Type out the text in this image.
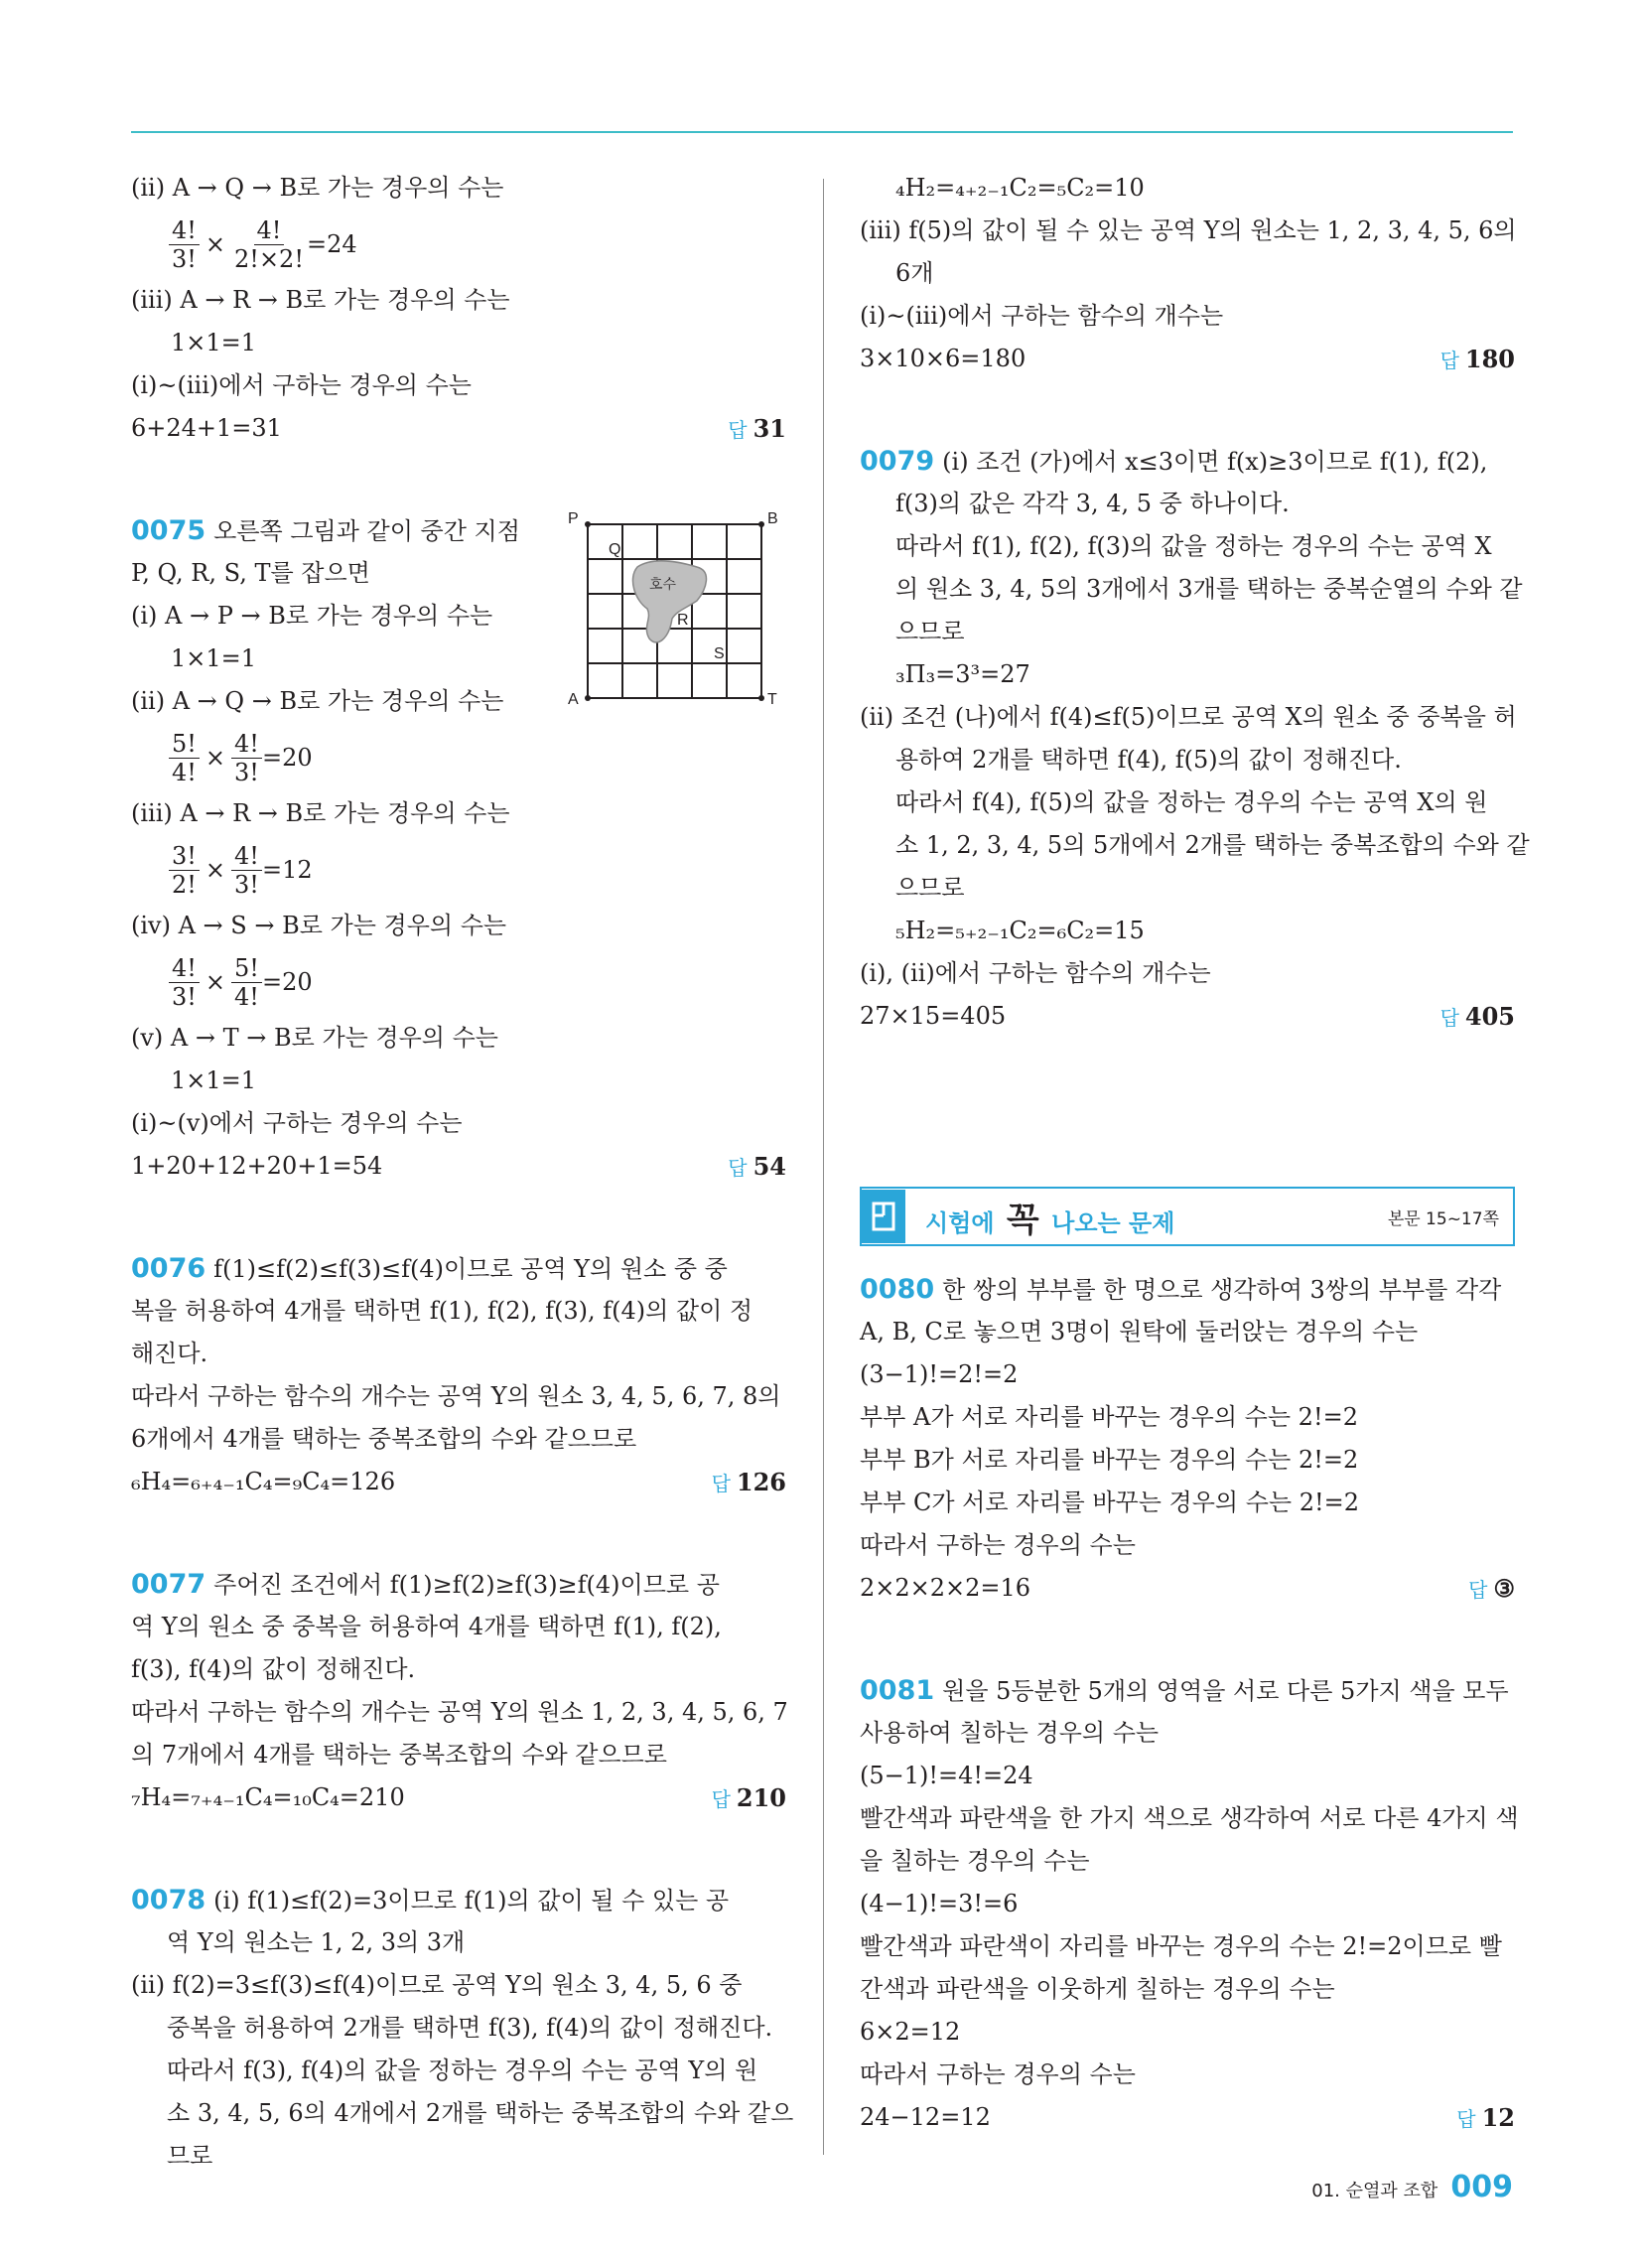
(ii) A → Q → B로 가는 경우의 수는
$\frac{4!}{3!} \times \frac{4!}{2!\times 2!} =24$
(iii) A → R → B로 가는 경우의 수는
1×1=1
(i)~(iii)에서 구하는 경우의 수는
6+24+1=31	답 31
P	B
Q
호수
R
S
A	T
0075 오른쪽 그림과 같이 중간 지점
P, Q, R, S, T를 잡으면
(i) A → P → B로 가는 경우의 수는
1×1=1
(ii) A → Q → B로 가는 경우의 수는
$\frac{5!}{4!} \times \frac{4!}{3!} =20$
(iii) A → R → B로 가는 경우의 수는
$\frac{3!}{2!} \times \frac{4!}{3!} =12$
(iv) A → S → B로 가는 경우의 수는
$\frac{4!}{3!} \times \frac{5!}{4!} =20$
(v) A → T → B로 가는 경우의 수는
1×1=1
(i)~(v)에서 구하는 경우의 수는
1+20+12+20+1=54	답 54
0076 f(1)≤f(2)≤f(3)≤f(4)이므로 공역 Y의 원소 중 중
복을 허용하여 4개를 택하면 f(1), f(2), f(3), f(4)의 값이 정
해진다.
따라서 구하는 함수의 개수는 공역 Y의 원소 3, 4, 5, 6, 7, 8의
6개에서 4개를 택하는 중복조합의 수와 같으므로
₆H₄=₆₊₄₋₁C₄=₉C₄=126	답 126
0077 주어진 조건에서 f(1)≥f(2)≥f(3)≥f(4)이므로 공
역 Y의 원소 중 중복을 허용하여 4개를 택하면 f(1), f(2),
f(3), f(4)의 값이 정해진다.
따라서 구하는 함수의 개수는 공역 Y의 원소 1, 2, 3, 4, 5, 6, 7
의 7개에서 4개를 택하는 중복조합의 수와 같으므로
₇H₄=₇₊₄₋₁C₄=₁₀C₄=210	답 210
0078 (i) f(1)≤f(2)=3이므로 f(1)의 값이 될 수 있는 공
역 Y의 원소는 1, 2, 3의 3개
(ii) f(2)=3≤f(3)≤f(4)이므로 공역 Y의 원소 3, 4, 5, 6 중
중복을 허용하여 2개를 택하면 f(3), f(4)의 값이 정해진다.
따라서 f(3), f(4)의 값을 정하는 경우의 수는 공역 Y의 원
소 3, 4, 5, 6의 4개에서 2개를 택하는 중복조합의 수와 같으
므로
₄H₂=₄₊₂₋₁C₂=₅C₂=10
(iii) f(5)의 값이 될 수 있는 공역 Y의 원소는 1, 2, 3, 4, 5, 6의
6개
(i)~(iii)에서 구하는 함수의 개수는
3×10×6=180	답 180
0079 (i) 조건 (가)에서 x≤3이면 f(x)≥3이므로 f(1), f(2),
f(3)의 값은 각각 3, 4, 5 중 하나이다.
따라서 f(1), f(2), f(3)의 값을 정하는 경우의 수는 공역 X
의 원소 3, 4, 5의 3개에서 3개를 택하는 중복순열의 수와 같
으므로
₃Π₃=3³=27
(ii) 조건 (나)에서 f(4)≤f(5)이므로 공역 X의 원소 중 중복을 허
용하여 2개를 택하면 f(4), f(5)의 값이 정해진다.
따라서 f(4), f(5)의 값을 정하는 경우의 수는 공역 X의 원
소 1, 2, 3, 4, 5의 5개에서 2개를 택하는 중복조합의 수와 같
으므로
₅H₂=₅₊₂₋₁C₂=₆C₂=15
(i), (ii)에서 구하는 함수의 개수는
27×15=405	답 405
시험에 꼭 나오는 문제	본문 15~17쪽
0080 한 쌍의 부부를 한 명으로 생각하여 3쌍의 부부를 각각
A, B, C로 놓으면 3명이 원탁에 둘러앉는 경우의 수는
(3−1)!=2!=2
부부 A가 서로 자리를 바꾸는 경우의 수는 2!=2
부부 B가 서로 자리를 바꾸는 경우의 수는 2!=2
부부 C가 서로 자리를 바꾸는 경우의 수는 2!=2
따라서 구하는 경우의 수는
2×2×2×2=16	답 ③
0081 원을 5등분한 5개의 영역을 서로 다른 5가지 색을 모두
사용하여 칠하는 경우의 수는
(5−1)!=4!=24
빨간색과 파란색을 한 가지 색으로 생각하여 서로 다른 4가지 색
을 칠하는 경우의 수는
(4−1)!=3!=6
빨간색과 파란색이 자리를 바꾸는 경우의 수는 2!=2이므로 빨
간색과 파란색을 이웃하게 칠하는 경우의 수는
6×2=12
따라서 구하는 경우의 수는
24−12=12	답 12
01. 순열과 조합 009
